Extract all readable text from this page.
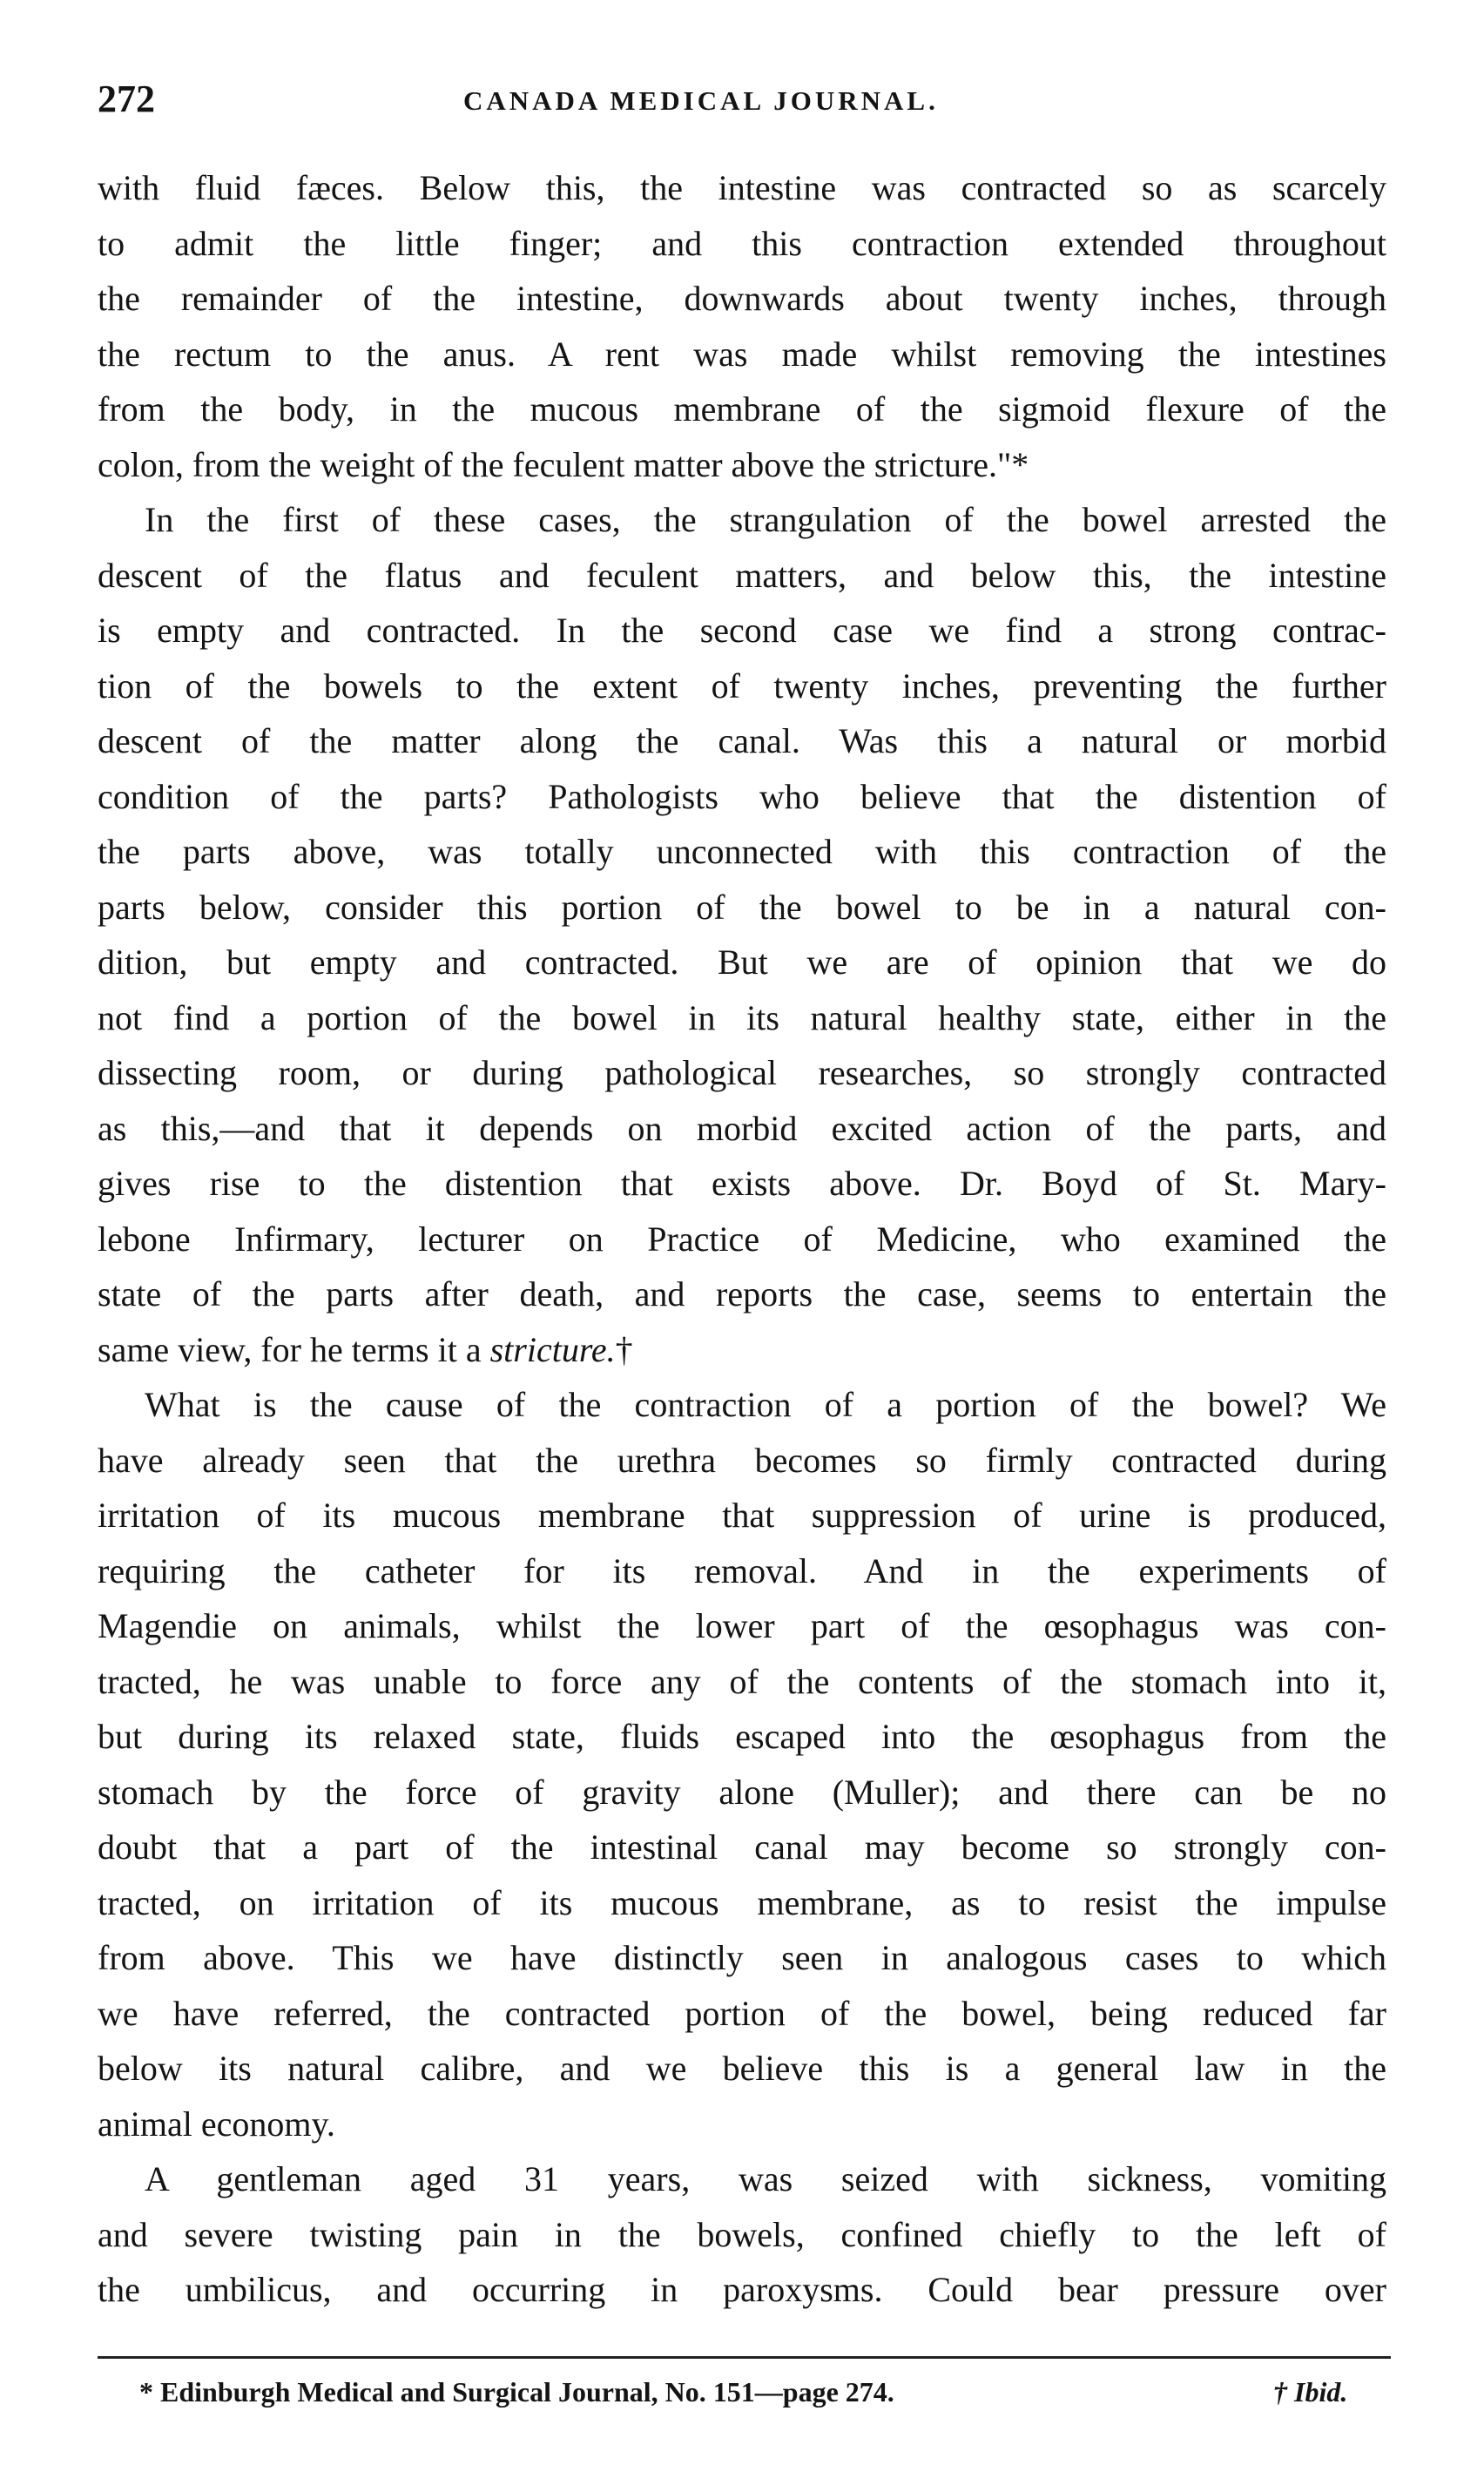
272	CANADA MEDICAL JOURNAL.
with fluid fæces. Below this, the intestine was contracted so as scarcely
to admit the little finger; and this contraction extended throughout
the remainder of the intestine, downwards about twenty inches, through
the rectum to the anus. A rent was made whilst removing the intestines
from the body, in the mucous membrane of the sigmoid flexure of the
colon, from the weight of the feculent matter above the stricture."*
In the first of these cases, the strangulation of the bowel arrested the
descent of the flatus and feculent matters, and below this, the intestine
is empty and contracted. In the second case we find a strong contrac-
tion of the bowels to the extent of twenty inches, preventing the further
descent of the matter along the canal. Was this a natural or morbid
condition of the parts? Pathologists who believe that the distention of
the parts above, was totally unconnected with this contraction of the
parts below, consider this portion of the bowel to be in a natural con-
dition, but empty and contracted. But we are of opinion that we do
not find a portion of the bowel in its natural healthy state, either in the
dissecting room, or during pathological researches, so strongly contracted
as this,—and that it depends on morbid excited action of the parts, and
gives rise to the distention that exists above. Dr. Boyd of St. Mary-
lebone Infirmary, lecturer on Practice of Medicine, who examined the
state of the parts after death, and reports the case, seems to entertain the
same view, for he terms it a stricture.†
What is the cause of the contraction of a portion of the bowel? We
have already seen that the urethra becomes so firmly contracted during
irritation of its mucous membrane that suppression of urine is produced,
requiring the catheter for its removal. And in the experiments of
Magendie on animals, whilst the lower part of the œsophagus was con-
tracted, he was unable to force any of the contents of the stomach into it,
but during its relaxed state, fluids escaped into the œsophagus from the
stomach by the force of gravity alone (Muller); and there can be no
doubt that a part of the intestinal canal may become so strongly con-
tracted, on irritation of its mucous membrane, as to resist the impulse
from above. This we have distinctly seen in analogous cases to which
we have referred, the contracted portion of the bowel, being reduced far
below its natural calibre, and we believe this is a general law in the
animal economy.
A gentleman aged 31 years, was seized with sickness, vomiting
and severe twisting pain in the bowels, confined chiefly to the left of
the umbilicus, and occurring in paroxysms. Could bear pressure over
* Edinburgh Medical and Surgical Journal, No. 151—page 274.	† Ibid.
